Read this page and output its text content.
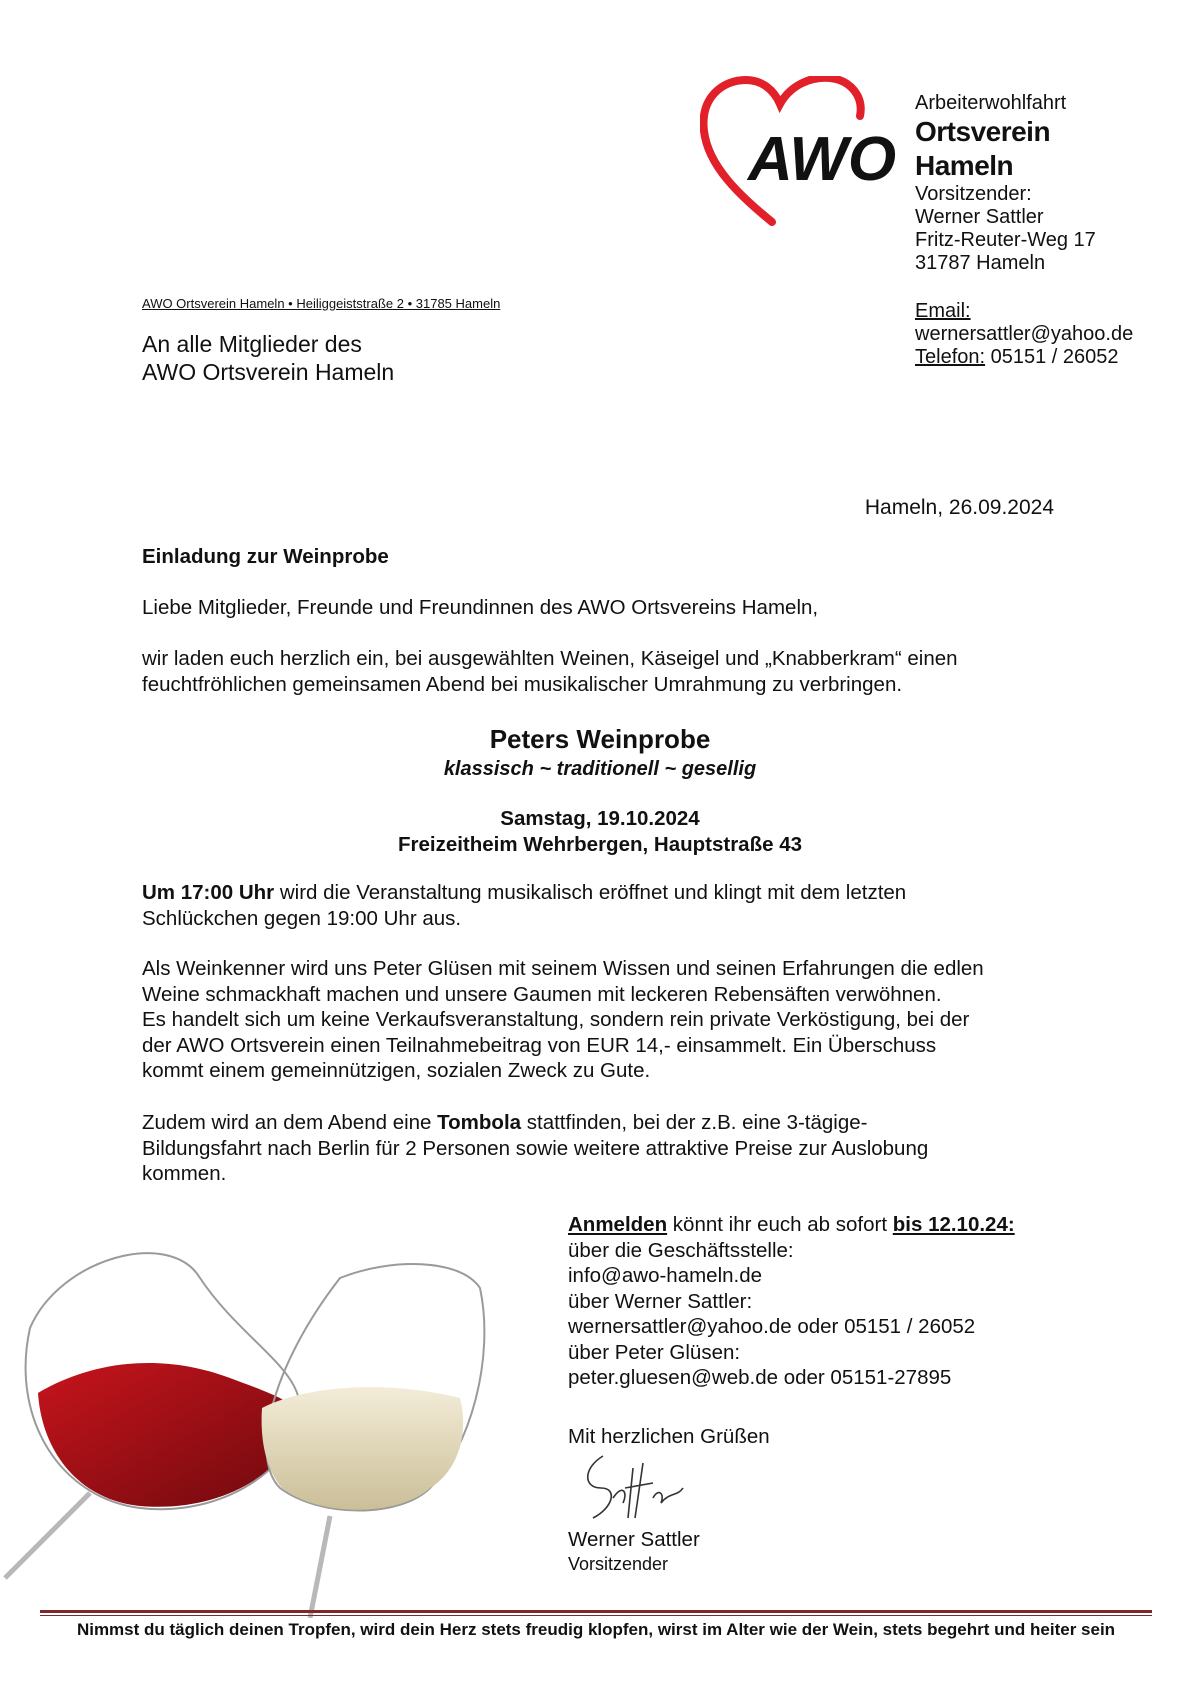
AWO
Arbeiterwohlfahrt
Ortsverein
Hameln
Vorsitzender:
Werner Sattler
Fritz-Reuter-Weg 17
31787 Hameln
Email:
wernersattler@yahoo.de
Telefon: 05151 / 26052
AWO Ortsverein Hameln • Heiliggeiststraße 2 • 31785 Hameln
An alle Mitglieder des
AWO Ortsverein Hameln
Hameln, 26.09.2024
Einladung zur Weinprobe
Liebe Mitglieder, Freunde und Freundinnen des AWO Ortsvereins Hameln,
wir laden euch herzlich ein, bei ausgewählten Weinen, Käseigel und „Knabberkram“ einen
feuchtfröhlichen gemeinsamen Abend bei musikalischer Umrahmung zu verbringen.
Peters Weinprobe
klassisch ~ traditionell ~ gesellig
Samstag, 19.10.2024
Freizeitheim Wehrbergen, Hauptstraße 43
Um 17:00 Uhr wird die Veranstaltung musikalisch eröffnet und klingt mit dem letzten
Schlückchen gegen 19:00 Uhr aus.
Als Weinkenner wird uns Peter Glüsen mit seinem Wissen und seinen Erfahrungen die edlen
Weine schmackhaft machen und unsere Gaumen mit leckeren Rebensäften verwöhnen.
Es handelt sich um keine Verkaufsveranstaltung, sondern rein private Verköstigung, bei der
der AWO Ortsverein einen Teilnahmebeitrag von EUR 14,- einsammelt. Ein Überschuss
kommt einem gemeinnützigen, sozialen Zweck zu Gute.
Zudem wird an dem Abend eine Tombola stattfinden, bei der z.B. eine 3-tägige-
Bildungsfahrt nach Berlin für 2 Personen sowie weitere attraktive Preise zur Auslobung
kommen.
Anmelden könnt ihr euch ab sofort bis 12.10.24:
über die Geschäftsstelle:
info@awo-hameln.de
über Werner Sattler:
wernersattler@yahoo.de oder 05151 / 26052
über Peter Glüsen:
peter.gluesen@web.de oder 05151-27895
Mit herzlichen Grüßen
Werner Sattler
Vorsitzender
Nimmst du täglich deinen Tropfen, wird dein Herz stets freudig klopfen, wirst im Alter wie der Wein, stets begehrt und heiter sein
